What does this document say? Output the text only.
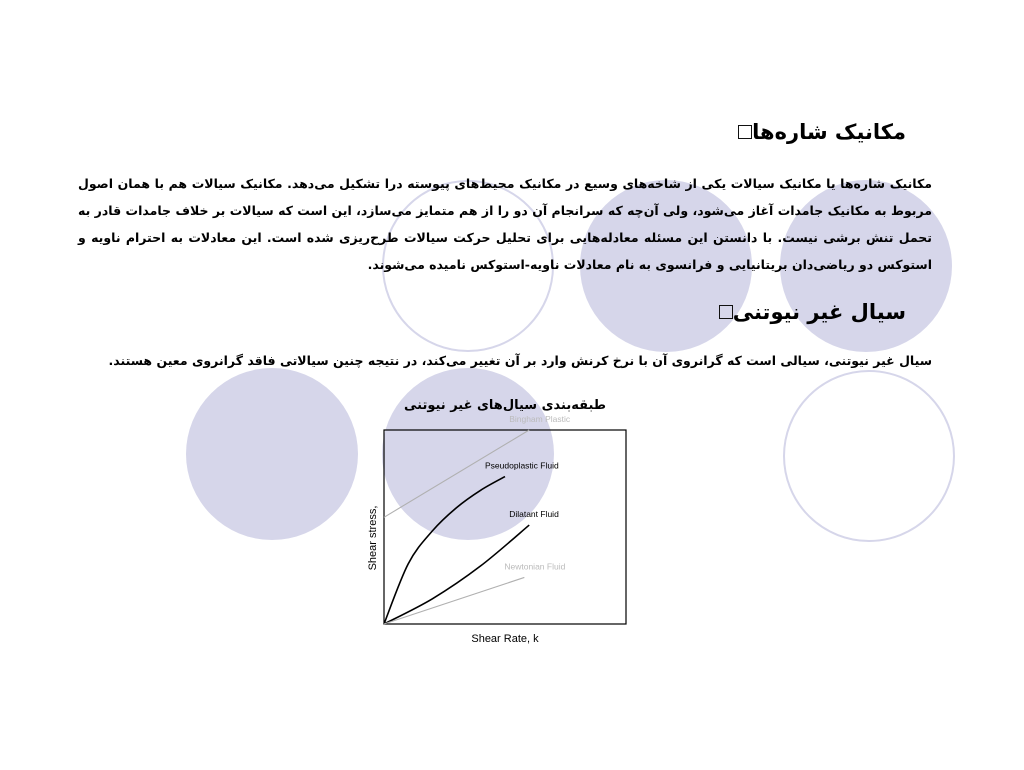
مکانیک شاره‌ها
مکانیک شاره‌ها یا مکانیک سیالات یکی از شاخه‌های وسیع در مکانیک محیط‌های پیوسته درا تشکیل می‌دهد. مکانیک سیالات هم با همان اصول مربوط به مکانیک جامدات آغاز می‌شود، ولی آن‌چه که سرانجام آن دو را از هم متمایز می‌سازد، این است که سیالات بر خلاف جامدات قادر به تحمل تنش برشی نیست. با دانستن این مسئله معادله‌هایی برای تحلیل حرکت سیالات طرح‌ریزی شده است. این معادلات به احترام ناویه و استوکس دو ریاضی‌دان بریتانیایی و فرانسوی به نام معادلات ناویه-استوکس نامیده می‌شوند.
سیال غیر نیوتنی
سیال غیر نیوتنی، سیالی است که گرانروی آن با نرخ کرنش وارد بر آن تغییر می‌کند، در نتیجه چنین سیالاتی فاقد گرانروی معین هستند.
طبقه‌بندی سیال‌های غیر نیوتنی
Bingham Plastic
Pseudoplastic Fluid
Dilatant Fluid
Newtonian Fluid
Shear Rate, k
Shear stress,
